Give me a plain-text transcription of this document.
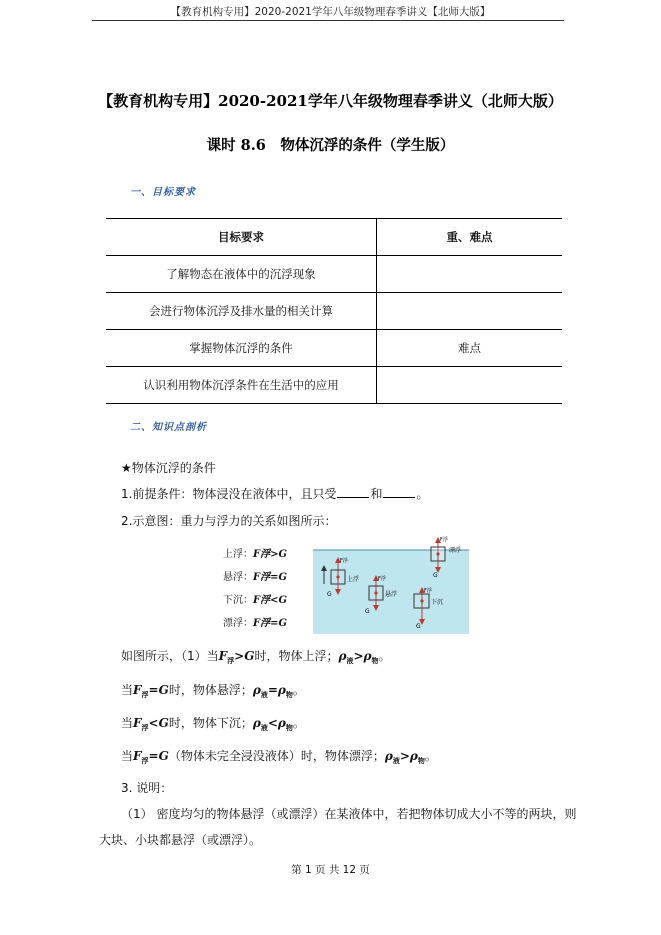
【教育机构专用】2020-2021学年八年级物理春季讲义【北师大版】
【教育机构专用】2020-2021学年八年级物理春季讲义（北师大版）
课时 8.6　物体沉浮的条件（学生版）
一、目标要求
目标要求	重、难点
了解物态在液体中的沉浮现象	
会进行物体沉浮及排水量的相关计算	
掌握物体沉浮的条件	难点
认识利用物体沉浮条件在生活中的应用	
二、知识点剖析
★物体沉浮的条件
1.前提条件：物体浸没在液体中，且只受	和	。
2.示意图：重力与浮力的关系如图所示：
上浮：F浮>G
悬浮：F浮=G
下沉：F浮<G
漂浮：F浮=G
上浮
F浮
G	悬浮
F浮
G
下沉
F浮
G
漂浮
F浮
G
如图所示，（1）当$F_浮>G$时，物体上浮；$\rho_液>\rho_物$。
当$F_浮=G$时，物体悬浮；$\rho_液=\rho_物$。
当$F_浮<G$时，物体下沉；$\rho_液<\rho_物$。
当$F_浮=G$（物体未完全浸没液体）时，物体漂浮；$\rho_液>\rho_物$。
3. 说明：
（1） 密度均匀的物体悬浮（或漂浮）在某液体中，若把物体切成大小不等的两块，则
大块、小块都悬浮（或漂浮）。
第 1 页 共 12 页
